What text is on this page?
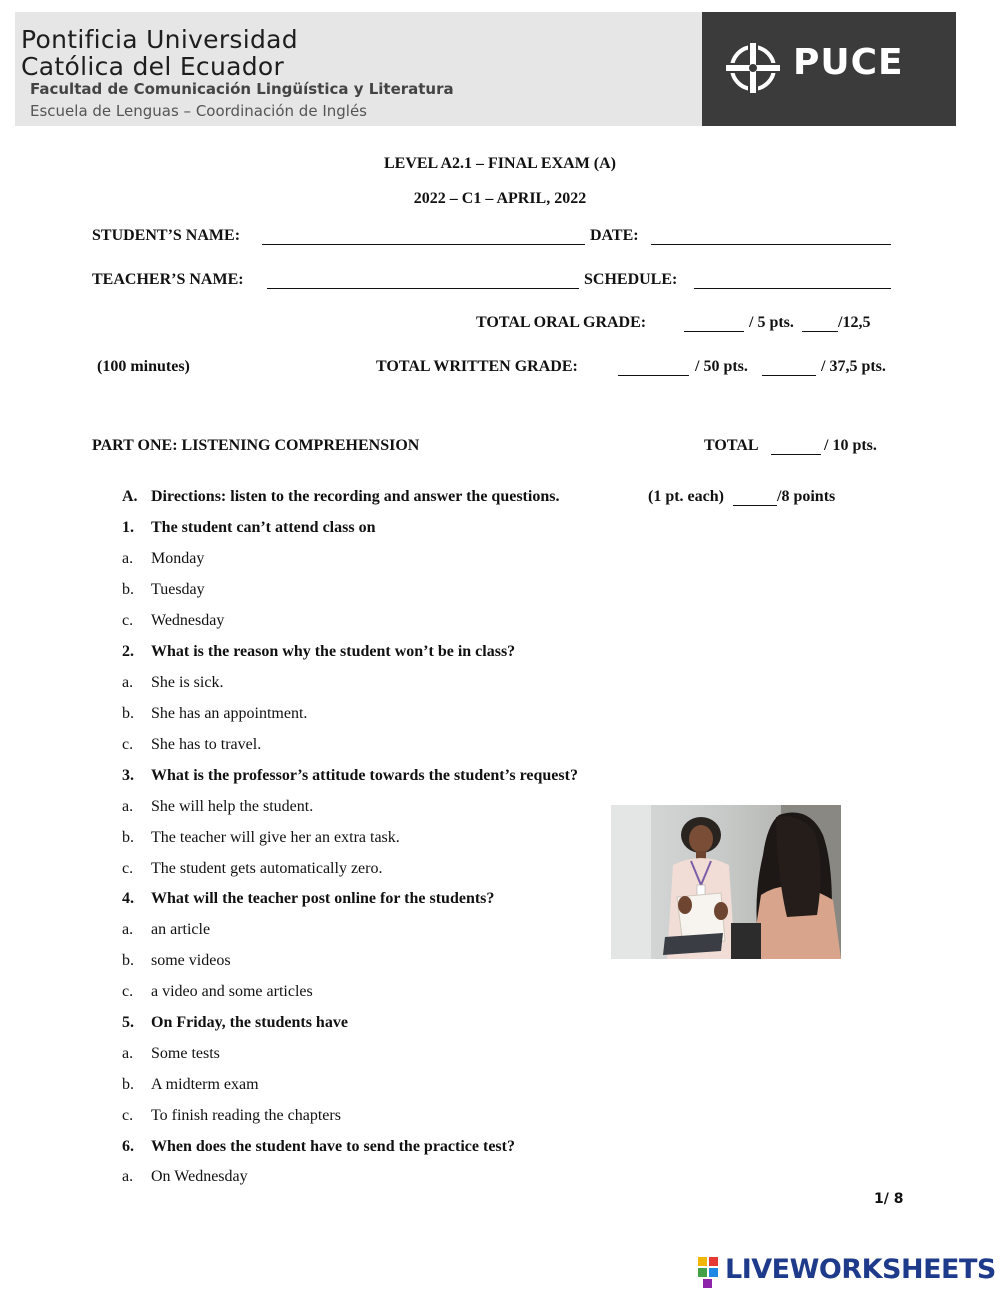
Pontificia Universidad
Católica del Ecuador
Facultad de Comunicación Lingüística y Literatura
Escuela de Lenguas – Coordinación de Inglés
PUCE
LEVEL A2.1 – FINAL EXAM (A)
2022 – C1 – APRIL, 2022
STUDENT’S NAME:	DATE:
TEACHER’S NAME:	SCHEDULE:
TOTAL ORAL GRADE:	/ 5 pts.	/12,5
(100 minutes)	TOTAL WRITTEN GRADE:	/ 50 pts.	/ 37,5 pts.
PART ONE: LISTENING COMPREHENSION	TOTAL	/ 10 pts.
A. Directions: listen to the recording and answer the questions.	(1 pt. each)	/8 points
1. The student can’t attend class on
a. Monday
b. Tuesday
c. Wednesday
2. What is the reason why the student won’t be in class?
a. She is sick.
b. She has an appointment.
c. She has to travel.
3. What is the professor’s attitude towards the student’s request?
a. She will help the student.
b. The teacher will give her an extra task.
c. The student gets automatically zero.
4. What will the teacher post online for the students?
a. an article
b. some videos
c. a video and some articles
5. On Friday, the students have
a. Some tests
b. A midterm exam
c. To finish reading the chapters
6. When does the student have to send the practice test?
a. On Wednesday
1/ 8
LIVEWORKSHEETS
